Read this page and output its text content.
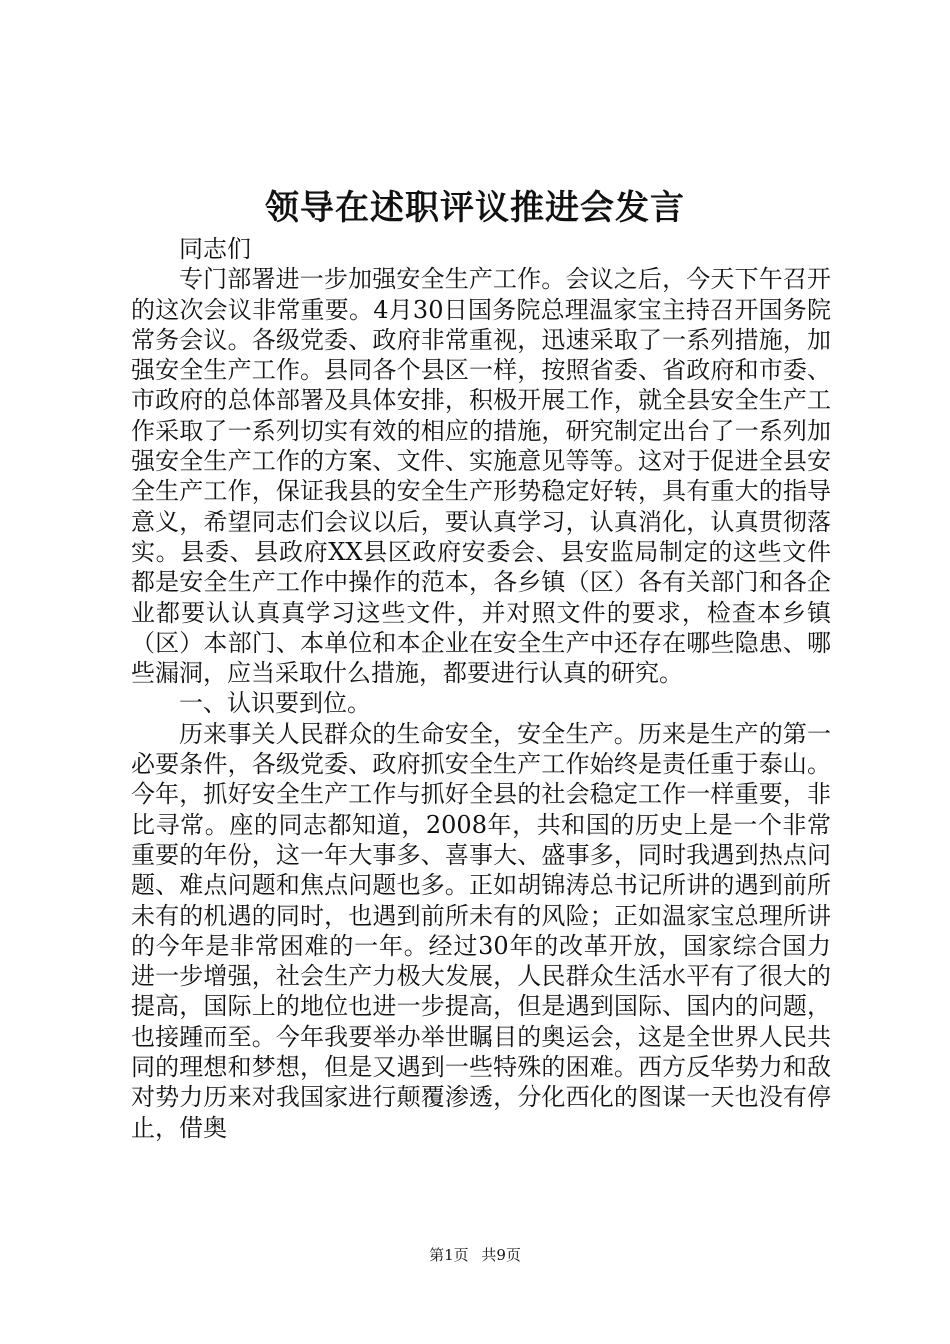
领导在述职评议推进会发言

同志们

专门部署进一步加强安全生产工作。会议之后，今天下午召开的这次会议非常重要。4月30日国务院总理温家宝主持召开国务院常务会议。各级党委、政府非常重视，迅速采取了一系列措施，加强安全生产工作。县同各个县区一样，按照省委、省政府和市委、市政府的总体部署及具体安排，积极开展工作，就全县安全生产工作采取了一系列切实有效的相应的措施，研究制定出台了一系列加强安全生产工作的方案、文件、实施意见等等。这对于促进全县安全生产工作，保证我县的安全生产形势稳定好转，具有重大的指导意义，希望同志们会议以后，要认真学习，认真消化，认真贯彻落实。县委、县政府XX县区政府安委会、县安监局制定的这些文件都是安全生产工作中操作的范本，各乡镇（区）各有关部门和各企业都要认认真真学习这些文件，并对照文件的要求，检查本乡镇（区）本部门、本单位和本企业在安全生产中还存在哪些隐患、哪些漏洞，应当采取什么措施，都要进行认真的研究。

一、认识要到位。

历来事关人民群众的生命安全，安全生产。历来是生产的第一必要条件，各级党委、政府抓安全生产工作始终是责任重于泰山。今年，抓好安全生产工作与抓好全县的社会稳定工作一样重要，非比寻常。座的同志都知道，2008年，共和国的历史上是一个非常重要的年份，这一年大事多、喜事大、盛事多，同时我遇到热点问题、难点问题和焦点问题也多。正如胡锦涛总书记所讲的遇到前所未有的机遇的同时，也遇到前所未有的风险；正如温家宝总理所讲的今年是非常困难的一年。经过30年的改革开放，国家综合国力进一步增强，社会生产力极大发展，人民群众生活水平有了很大的提高，国际上的地位也进一步提高，但是遇到国际、国内的问题，也接踵而至。今年我要举办举世瞩目的奥运会，这是全世界人民共同的理想和梦想，但是又遇到一些特殊的困难。西方反华势力和敌对势力历来对我国家进行颠覆渗透，分化西化的图谋一天也没有停止，借奥

第1页 共9页
